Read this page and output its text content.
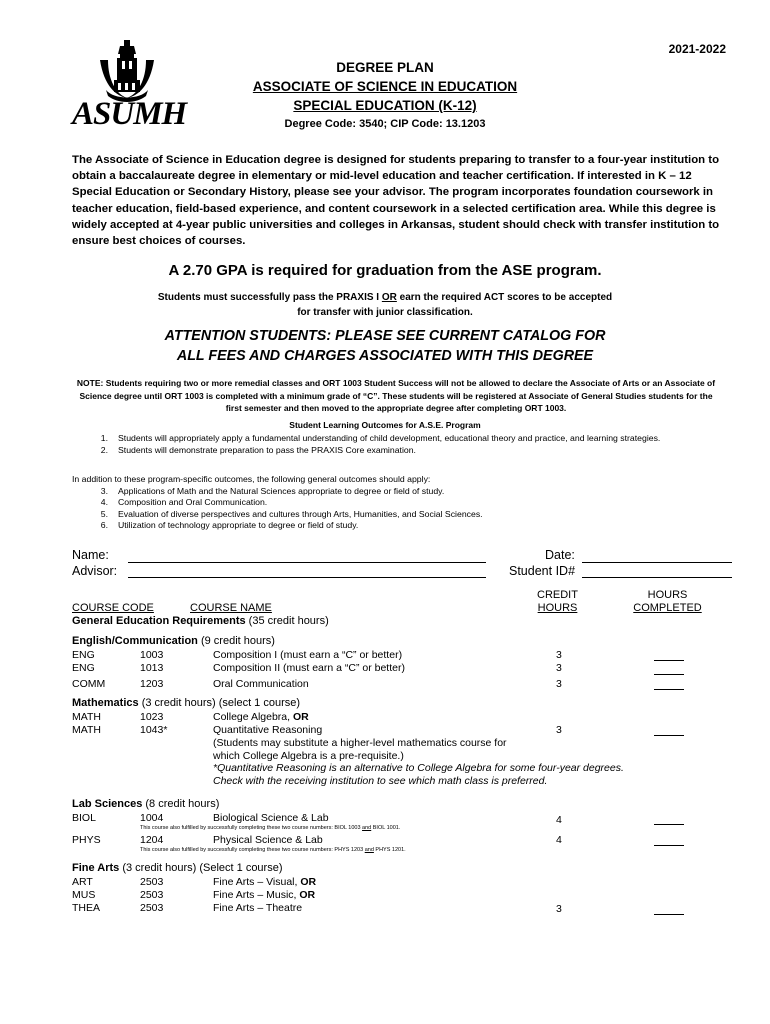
ASUMH
2021-2022
DEGREE PLAN
ASSOCIATE OF SCIENCE IN EDUCATION
SPECIAL EDUCATION (K-12)
Degree Code: 3540; CIP Code: 13.1203
The Associate of Science in Education degree is designed for students preparing to transfer to a four-year institution to obtain a baccalaureate degree in elementary or mid-level education and teacher certification. If interested in K – 12 Special Education or Secondary History, please see your advisor. The program incorporates foundation coursework in teacher education, field-based experience, and content coursework in a selected certification area. While this degree is widely accepted at 4-year public universities and colleges in Arkansas, student should check with transfer institution to ensure best choices of courses.
A 2.70 GPA is required for graduation from the ASE program.
Students must successfully pass the PRAXIS I OR earn the required ACT scores to be accepted
for transfer with junior classification.
ATTENTION STUDENTS: PLEASE SEE CURRENT CATALOG FOR
ALL FEES AND CHARGES ASSOCIATED WITH THIS DEGREE
NOTE: Students requiring two or more remedial classes and ORT 1003 Student Success will not be allowed to declare the Associate of Arts or an Associate of Science degree until ORT 1003 is completed with a minimum grade of “C”. These students will be registered at Associate of General Studies students for the first semester and then moved to the appropriate degree after completing ORT 1003.
Student Learning Outcomes for A.S.E. Program
1.	Students will appropriately apply a fundamental understanding of child development, educational theory and practice, and learning strategies.
2.	Students will demonstrate preparation to pass the PRAXIS Core examination.
In addition to these program-specific outcomes, the following general outcomes should apply:
3.	Applications of Math and the Natural Sciences appropriate to degree or field of study.
4.	Composition and Oral Communication.
5.	Evaluation of diverse perspectives and cultures through Arts, Humanities, and Social Sciences.
6.	Utilization of technology appropriate to degree or field of study.
Name:
Advisor:
Date:
Student ID#
COURSE CODE	COURSE NAME
CREDIT
HOURS
HOURS
COMPLETED
General Education Requirements (35 credit hours)
English/Communication (9 credit hours)
ENG	1003	Composition I (must earn a “C” or better)	3
ENG	1013	Composition II (must earn a “C” or better)	3
COMM	1203	Oral Communication	3
Mathematics (3 credit hours) (select 1 course)
MATH	1023	College Algebra, OR
MATH	1043*	Quantitative Reasoning	3
(Students may substitute a higher-level mathematics course for
which College Algebra is a pre-requisite.)
*Quantitative Reasoning is an alternative to College Algebra for some four-year degrees.
Check with the receiving institution to see which math class is preferred.
Lab Sciences (8 credit hours)
BIOL	1004	Biological Science & Lab	4
This course also fulfilled by successfully completing these two course numbers: BIOL 1003 and BIOL 1001.
PHYS	1204	Physical Science & Lab	4
This course also fulfilled by successfully completing these two course numbers: PHYS 1203 and PHYS 1201.
Fine Arts (3 credit hours) (Select 1 course)
ART	2503	Fine Arts – Visual, OR
MUS	2503	Fine Arts – Music, OR
THEA	2503	Fine Arts – Theatre	3
